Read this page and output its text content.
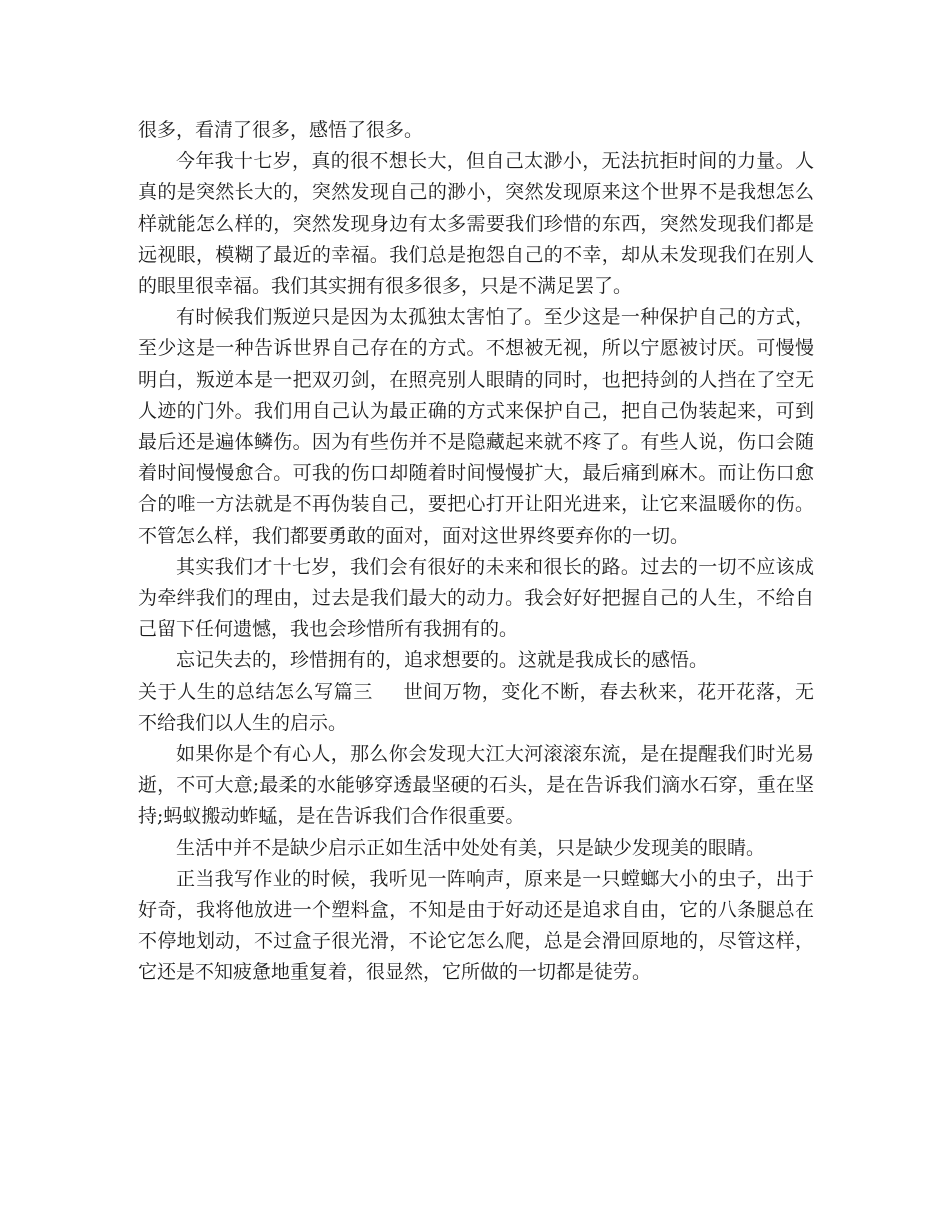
很多，看清了很多，感悟了很多。

今年我十七岁，真的很不想长大，但自己太渺小，无法抗拒时间的力量。人真的是突然长大的，突然发现自己的渺小，突然发现原来这个世界不是我想怎么样就能怎么样的，突然发现身边有太多需要我们珍惜的东西，突然发现我们都是远视眼，模糊了最近的幸福。我们总是抱怨自己的不幸，却从未发现我们在别人的眼里很幸福。我们其实拥有很多很多，只是不满足罢了。

有时候我们叛逆只是因为太孤独太害怕了。至少这是一种保护自己的方式，至少这是一种告诉世界自己存在的方式。不想被无视，所以宁愿被讨厌。可慢慢明白，叛逆本是一把双刃剑，在照亮别人眼睛的同时，也把持剑的人挡在了空无人迹的门外。我们用自己认为最正确的方式来保护自己，把自己伪装起来，可到最后还是遍体鳞伤。因为有些伤并不是隐藏起来就不疼了。有些人说，伤口会随着时间慢慢愈合。可我的伤口却随着时间慢慢扩大，最后痛到麻木。而让伤口愈合的唯一方法就是不再伪装自己，要把心打开让阳光进来，让它来温暖你的伤。不管怎么样，我们都要勇敢的面对，面对这世界终要弃你的一切。

其实我们才十七岁，我们会有很好的未来和很长的路。过去的一切不应该成为牵绊我们的理由，过去是我们最大的动力。我会好好把握自己的人生，不给自己留下任何遗憾，我也会珍惜所有我拥有的。

忘记失去的，珍惜拥有的，追求想要的。这就是我成长的感悟。

关于人生的总结怎么写篇三 世间万物，变化不断，春去秋来，花开花落，无不给我们以人生的启示。

如果你是个有心人，那么你会发现大江大河滚滚东流，是在提醒我们时光易逝，不可大意;最柔的水能够穿透最坚硬的石头，是在告诉我们滴水石穿，重在坚持;蚂蚁搬动蚱蜢，是在告诉我们合作很重要。

生活中并不是缺少启示正如生活中处处有美，只是缺少发现美的眼睛。

正当我写作业的时候，我听见一阵响声，原来是一只螳螂大小的虫子，出于好奇，我将他放进一个塑料盒，不知是由于好动还是追求自由，它的八条腿总在不停地划动，不过盒子很光滑，不论它怎么爬，总是会滑回原地的，尽管这样，它还是不知疲惫地重复着，很显然，它所做的一切都是徒劳。
